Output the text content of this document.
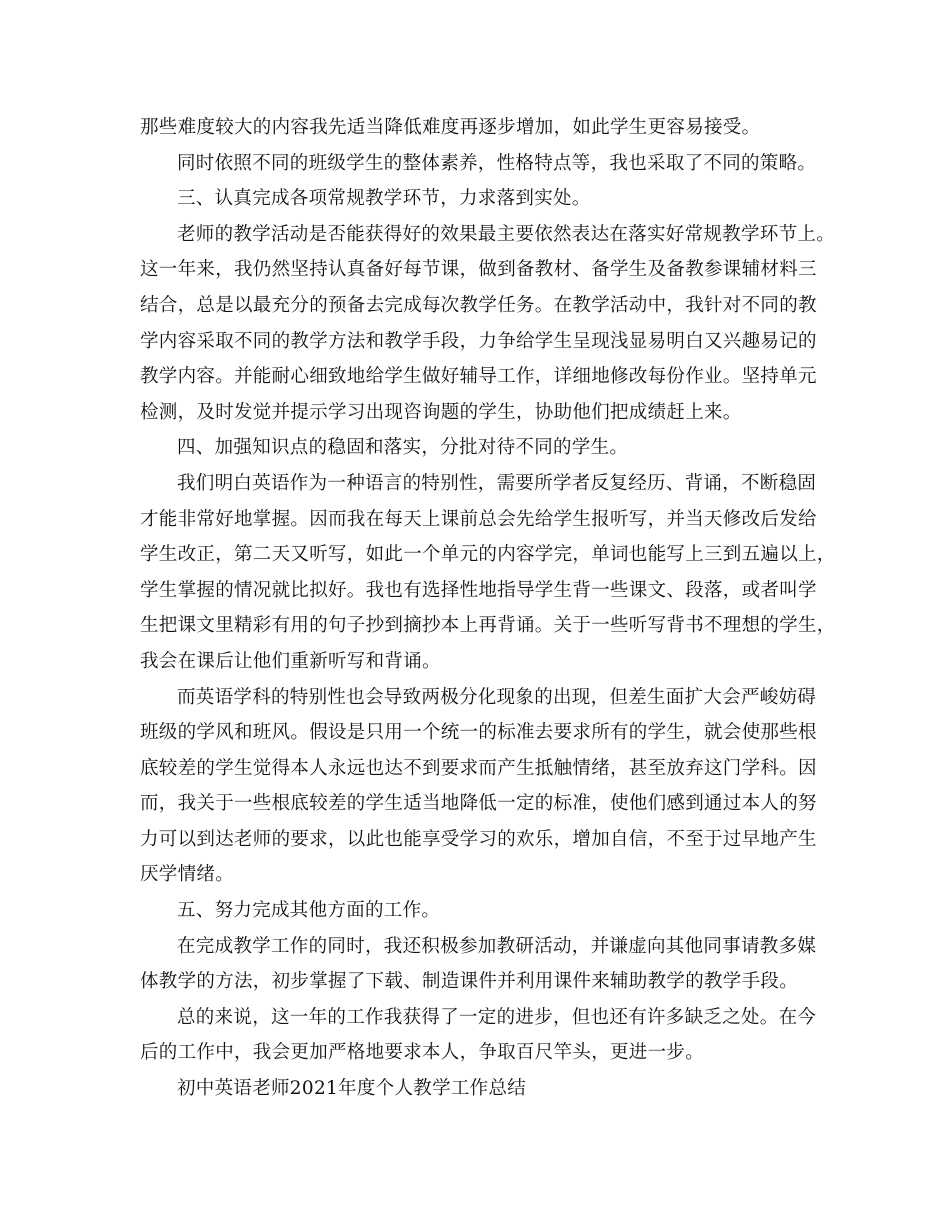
那些难度较大的内容我先适当降低难度再逐步增加，如此学生更容易接受。
同时依照不同的班级学生的整体素养，性格特点等，我也采取了不同的策略。
三、认真完成各项常规教学环节，力求落到实处。
老师的教学活动是否能获得好的效果最主要依然表达在落实好常规教学环节上。
这一年来，我仍然坚持认真备好每节课，做到备教材、备学生及备教参课辅材料三
结合，总是以最充分的预备去完成每次教学任务。在教学活动中，我针对不同的教
学内容采取不同的教学方法和教学手段，力争给学生呈现浅显易明白又兴趣易记的
教学内容。并能耐心细致地给学生做好辅导工作，详细地修改每份作业。坚持单元
检测，及时发觉并提示学习出现咨询题的学生，协助他们把成绩赶上来。
四、加强知识点的稳固和落实，分批对待不同的学生。
我们明白英语作为一种语言的特别性，需要所学者反复经历、背诵，不断稳固
才能非常好地掌握。因而我在每天上课前总会先给学生报听写，并当天修改后发给
学生改正，第二天又听写，如此一个单元的内容学完，单词也能写上三到五遍以上，
学生掌握的情况就比拟好。我也有选择性地指导学生背一些课文、段落，或者叫学
生把课文里精彩有用的句子抄到摘抄本上再背诵。关于一些听写背书不理想的学生，
我会在课后让他们重新听写和背诵。
而英语学科的特别性也会导致两极分化现象的出现，但差生面扩大会严峻妨碍
班级的学风和班风。假设是只用一个统一的标准去要求所有的学生，就会使那些根
底较差的学生觉得本人永远也达不到要求而产生抵触情绪，甚至放弃这门学科。因
而，我关于一些根底较差的学生适当地降低一定的标准，使他们感到通过本人的努
力可以到达老师的要求，以此也能享受学习的欢乐，增加自信，不至于过早地产生
厌学情绪。
五、努力完成其他方面的工作。
在完成教学工作的同时，我还积极参加教研活动，并谦虚向其他同事请教多媒
体教学的方法，初步掌握了下载、制造课件并利用课件来辅助教学的教学手段。
总的来说，这一年的工作我获得了一定的进步，但也还有许多缺乏之处。在今
后的工作中，我会更加严格地要求本人，争取百尺竿头，更进一步。
初中英语老师2021年度个人教学工作总结
